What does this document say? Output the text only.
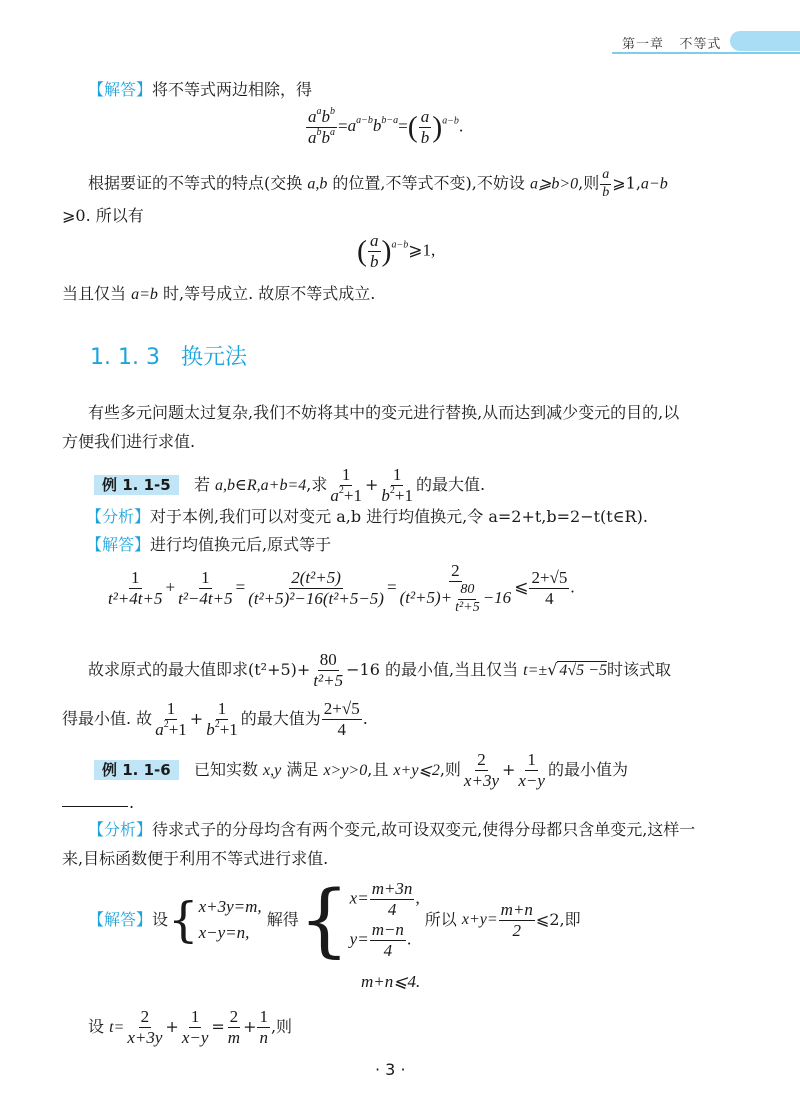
第一章 不等式
【解答】将不等式两边相除，得
$\frac{a^ab^b}{a^bb^a} =a^{a-b}b^{b-a}=( \frac{a}{b} )^{a-b}$.
根据要证的不等式的特点(交换 a,b 的位置,不等式不变),不妨设 a⩾b>0,则 $\frac{a}{b}$ ⩾1,a−b
⩾0. 所以有
( $\frac{a}{b}$ )$^{a-b}$⩾1,
当且仅当 a=b 时,等号成立. 故原不等式成立.
1. 1. 3 换元法
有些多元问题太过复杂,我们不妨将其中的变元进行替换,从而达到减少变元的目的,以
方便我们进行求值.
例 1. 1-5 若 a,b∈R,a+b=4,求 $\frac{1}{a^2+1} + \frac{1}{b^2+1}$ 的最大值.
【分析】对于本例,我们可以对变元 a,b 进行均值换元,令 a=2+t,b=2−t(t∈R).
【解答】进行均值换元后,原式等于
$\frac{1}{\text{t²+4t+5}} + \frac{1}{\text{t²−4t+5}} = \frac{\text{2(t²+5)}}{\text{(t²+5)²−16(t²+5−5)}} = \frac{2}{(t^2+5)+ \frac{80}{\text{t²+5}} -16}$ ⩽ $\frac{2+√5}{4}$ .
故求原式的最大值即求$(t^2+5)+ \frac{80}{\text{t²+5}} -16$ 的最小值,当且仅当 t=±√ 4√5 −5时该式取
得最小值. 故 $\frac{1}{a^2+1} + \frac{1}{b^2+1}$ 的最大值为 $\frac{2+√5}{4}$ .
例 1. 1-6 已知实数 x,y 满足 x>y>0,且 x+y⩽2,则 $\frac{2}{x+3y} + \frac{1}{x-y}$ 的最小值为
.
【分析】待求式子的分母均含有两个变元,故可设双变元,使得分母都只含单变元,这样一
来,目标函数便于利用不等式进行求值.
【解答】设{ x+3y=m,
x−y=n,
解得{ $x= \frac{m+3n}{4}$ ,
$y= \frac{m-n}{4}$ .
所以 $x+y= \frac{m+n}{2}$ ⩽2,即
m+n⩽4.
设 $t= \frac{2}{x+3y} + \frac{1}{x-y} = \frac{2}{m} + \frac{1}{n}$ ,则
· 3 ·
